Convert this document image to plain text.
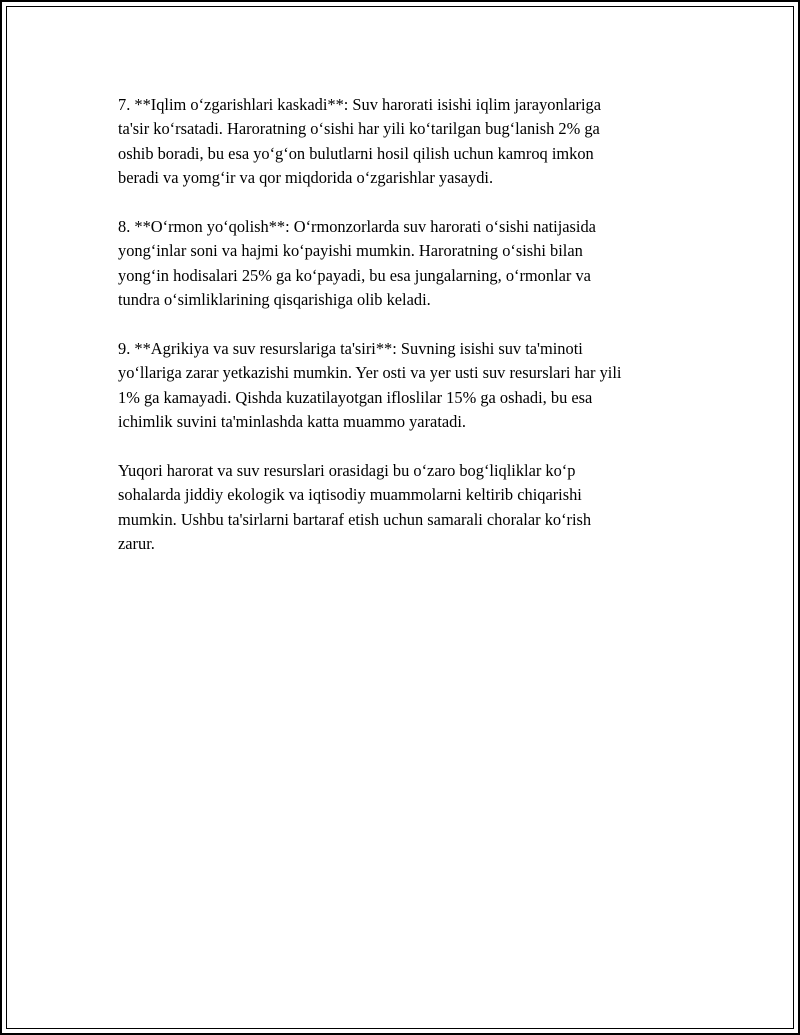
7. **Iqlim o‘zgarishlari kaskadi**: Suv harorati isishi iqlim jarayonlariga
ta'sir ko‘rsatadi. Haroratning o‘sishi har yili ko‘tarilgan bug‘lanish 2% ga
oshib boradi, bu esa yo‘g‘on bulutlarni hosil qilish uchun kamroq imkon
beradi va yomg‘ir va qor miqdorida o‘zgarishlar yasaydi.

8. **O‘rmon yo‘qolish**: O‘rmonzorlarda suv harorati o‘sishi natijasida
yong‘inlar soni va hajmi ko‘payishi mumkin. Haroratning o‘sishi bilan
yong‘in hodisalari 25% ga ko‘payadi, bu esa jungalarning, o‘rmonlar va
tundra o‘simliklarining qisqarishiga olib keladi.

9. **Agrikiya va suv resurslariga ta'siri**: Suvning isishi suv ta'minoti
yo‘llariga zarar yetkazishi mumkin. Yer osti va yer usti suv resurslari har yili
1% ga kamayadi. Qishda kuzatilayotgan ifloslilar 15% ga oshadi, bu esa
ichimlik suvini ta'minlashda katta muammo yaratadi.

Yuqori harorat va suv resurslari orasidagi bu o‘zaro bog‘liqliklar ko‘p
sohalarda jiddiy ekologik va iqtisodiy muammolarni keltirib chiqarishi
mumkin. Ushbu ta'sirlarni bartaraf etish uchun samarali choralar ko‘rish
zarur.
